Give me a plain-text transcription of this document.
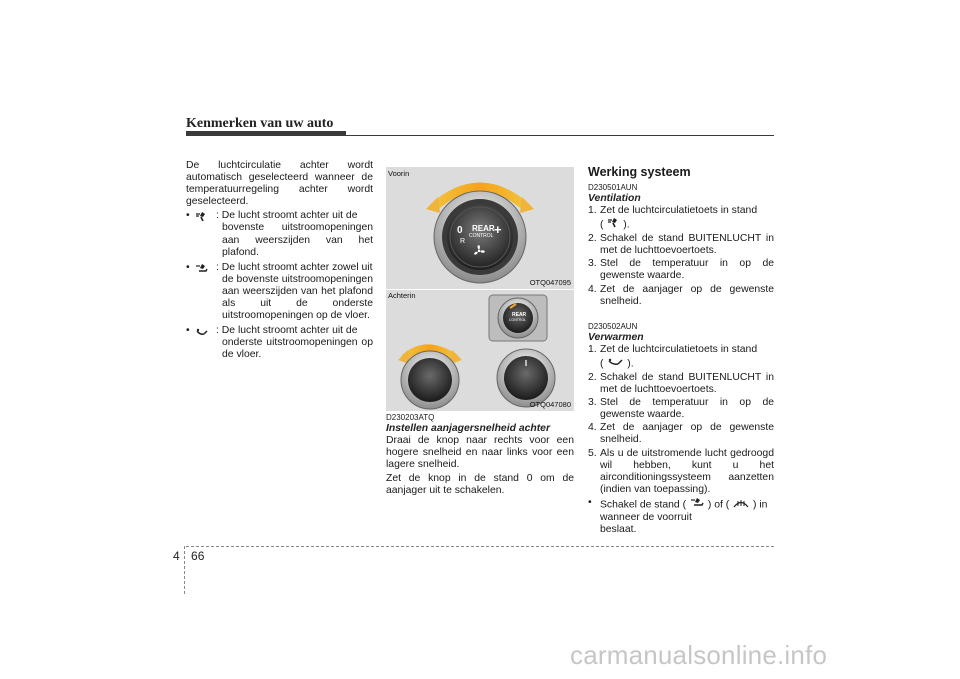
Kenmerken van uw auto

De luchtcirculatie achter wordt automatisch geselecteerd wanneer de temperatuurregeling achter wordt geselecteerd.

•	: De lucht stroomt achter uit de
bovenste uitstroomopeningen aan weerszijden van het plafond.
•	: De lucht stroomt achter zowel uit
de bovenste uitstroomopeningen aan weerszijden van het plafond als uit de onderste uitstroomopeningen op de vloer.
•	: De lucht stroomt achter uit de
onderste uitstroomopeningen op de vloer.
Voorin
REAR
CONTROL
0 +
R
OTQ047095
Achterin
REAR
CONTROL
OTQ047080
D230203ATQ
Instellen aanjagersnelheid achter

Draai de knop naar rechts voor een hogere snelheid en naar links voor een lagere snelheid.

Zet de knop in de stand 0 om de aanjager uit te schakelen.

Werking systeem
D230501AUN
Ventilation
1. Zet de luchtcirculatietoets in stand
( ).
2. Schakel de stand BUITENLUCHT in met de luchttoevoertoets.
3. Stel de temperatuur in op de gewenste waarde.
4. Zet de aanjager op de gewenste snelheid.
D230502AUN
Verwarmen
1. Zet de luchtcirculatietoets in stand
( ).
2. Schakel de stand BUITENLUCHT in met de luchttoevoertoets.
3. Stel de temperatuur in op de gewenste waarde.
4. Zet de aanjager op de gewenste snelheid.
5. Als u de uitstromende lucht gedroogd wil hebben, kunt u het airconditioningssysteem aanzetten (indien van toepassing).
• Schakel de stand ( ) of ( ) in
wanneer de voorruit
beslaat.
4 66
carmanualsonline.info
